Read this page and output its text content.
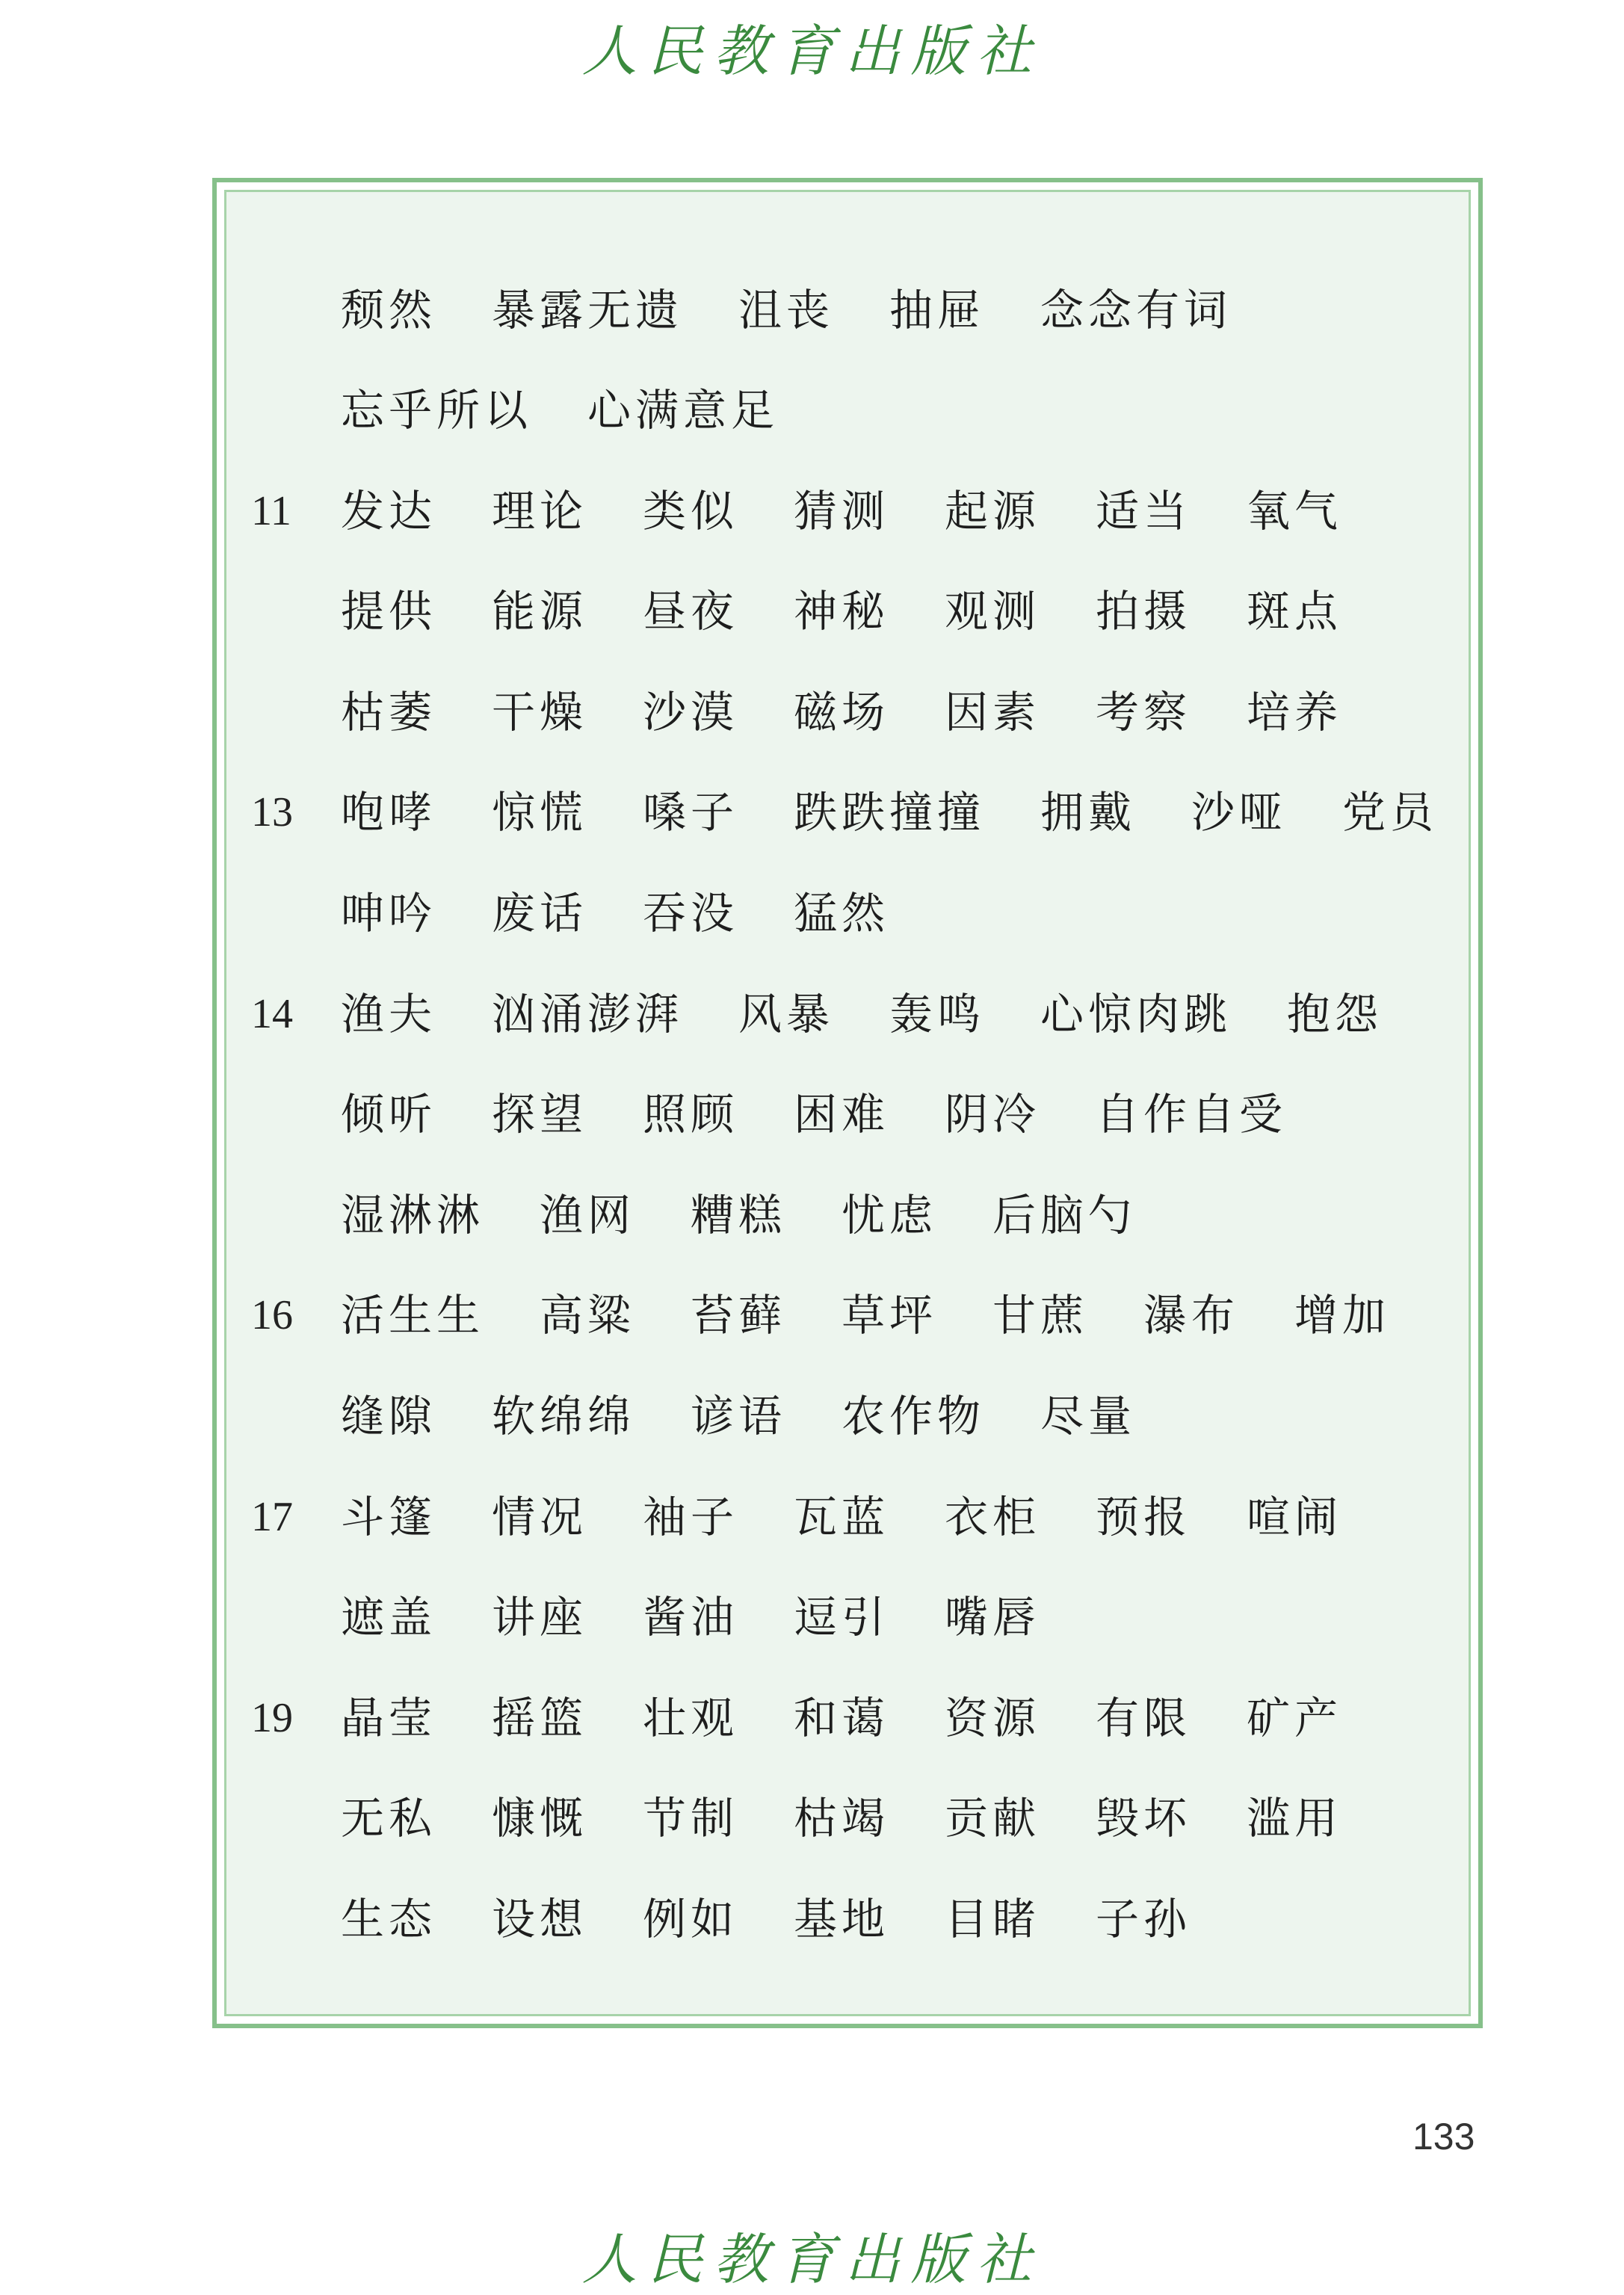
人民教育出版社
颓然 暴露无遗 沮丧 抽屉 念念有词
忘乎所以 心满意足
11	发达 理论 类似 猜测 起源 适当 氧气
提供 能源 昼夜 神秘 观测 拍摄 斑点
枯萎 干燥 沙漠 磁场 因素 考察 培养
13	咆哮 惊慌 嗓子 跌跌撞撞 拥戴 沙哑 党员
呻吟 废话 吞没 猛然
14	渔夫 汹涌澎湃 风暴 轰鸣 心惊肉跳 抱怨
倾听 探望 照顾 困难 阴冷 自作自受
湿淋淋 渔网 糟糕 忧虑 后脑勺
16	活生生 高粱 苔藓 草坪 甘蔗 瀑布 增加
缝隙 软绵绵 谚语 农作物 尽量
17	斗篷 情况 袖子 瓦蓝 衣柜 预报 喧闹
遮盖 讲座 酱油 逗引 嘴唇
19	晶莹 摇篮 壮观 和蔼 资源 有限 矿产
无私 慷慨 节制 枯竭 贡献 毁坏 滥用
生态 设想 例如 基地 目睹 子孙
133
人民教育出版社
